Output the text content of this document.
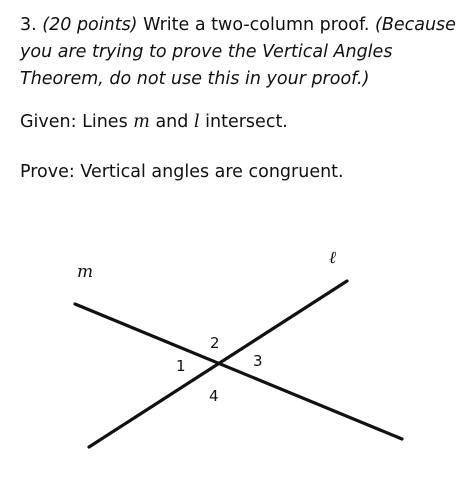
3. (20 points) Write a two-column proof. (Because you are trying to prove the Vertical Angles Theorem, do not use this in your proof.)

Given: Lines m and l intersect.

Prove: Vertical angles are congruent.

m
ℓ
1
2
3
4
